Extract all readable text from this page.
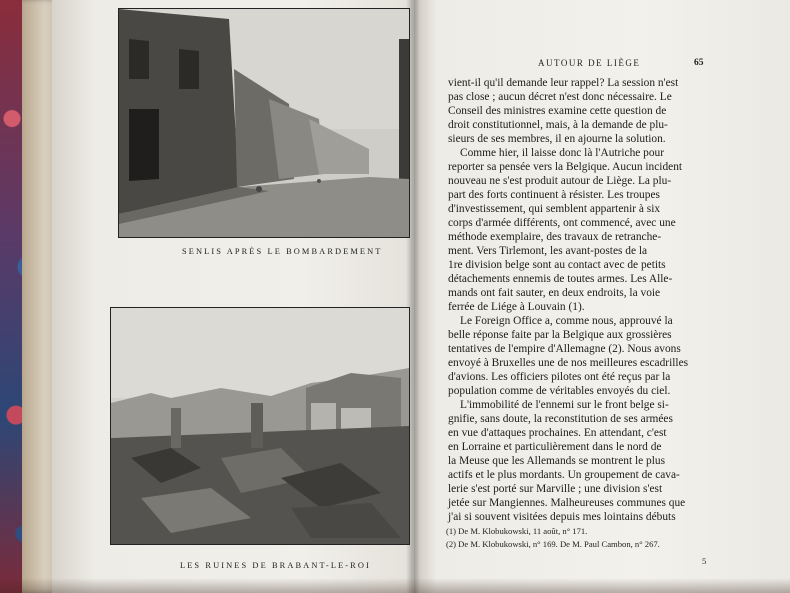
SENLIS APRÈS LE BOMBARDEMENT
LES RUINES DE BRABANT-LE-ROI
AUTOUR DE LIÈGE	65
vient-il qu'il demande leur rappel? La session n'est
pas close ; aucun décret n'est donc nécessaire. Le
Conseil des ministres examine cette question de
droit constitutionnel, mais, à la demande de plu-
sieurs de ses membres, il en ajourne la solution.
Comme hier, il laisse donc là l'Autriche pour
reporter sa pensée vers la Belgique. Aucun incident
nouveau ne s'est produit autour de Liège. La plu-
part des forts continuent à résister. Les troupes
d'investissement, qui semblent appartenir à six
corps d'armée différents, ont commencé, avec une
méthode exemplaire, des travaux de retranche-
ment. Vers Tirlemont, les avant-postes de la
1re division belge sont au contact avec de petits
détachements ennemis de toutes armes. Les Alle-
mands ont fait sauter, en deux endroits, la voie
ferrée de Liége à Louvain (1).
Le Foreign Office a, comme nous, approuvé la
belle réponse faite par la Belgique aux grossières
tentatives de l'empire d'Allemagne (2). Nous avons
envoyé à Bruxelles une de nos meilleures escadrilles
d'avions. Les officiers pilotes ont été reçus par la
population comme de véritables envoyés du ciel.
L'immobilité de l'ennemi sur le front belge si-
gnifie, sans doute, la reconstitution de ses armées
en vue d'attaques prochaines. En attendant, c'est
en Lorraine et particulièrement dans le nord de
la Meuse que les Allemands se montrent le plus
actifs et le plus mordants. Un groupement de cava-
lerie s'est porté sur Marville ; une division s'est
jetée sur Mangiennes. Malheureuses communes que
j'ai si souvent visitées depuis mes lointains débuts
(1) De M. Klobukowski, 11 août, n° 171.
(2) De M. Klobukowski, n° 169. De M. Paul Cambon, n° 267.
5
